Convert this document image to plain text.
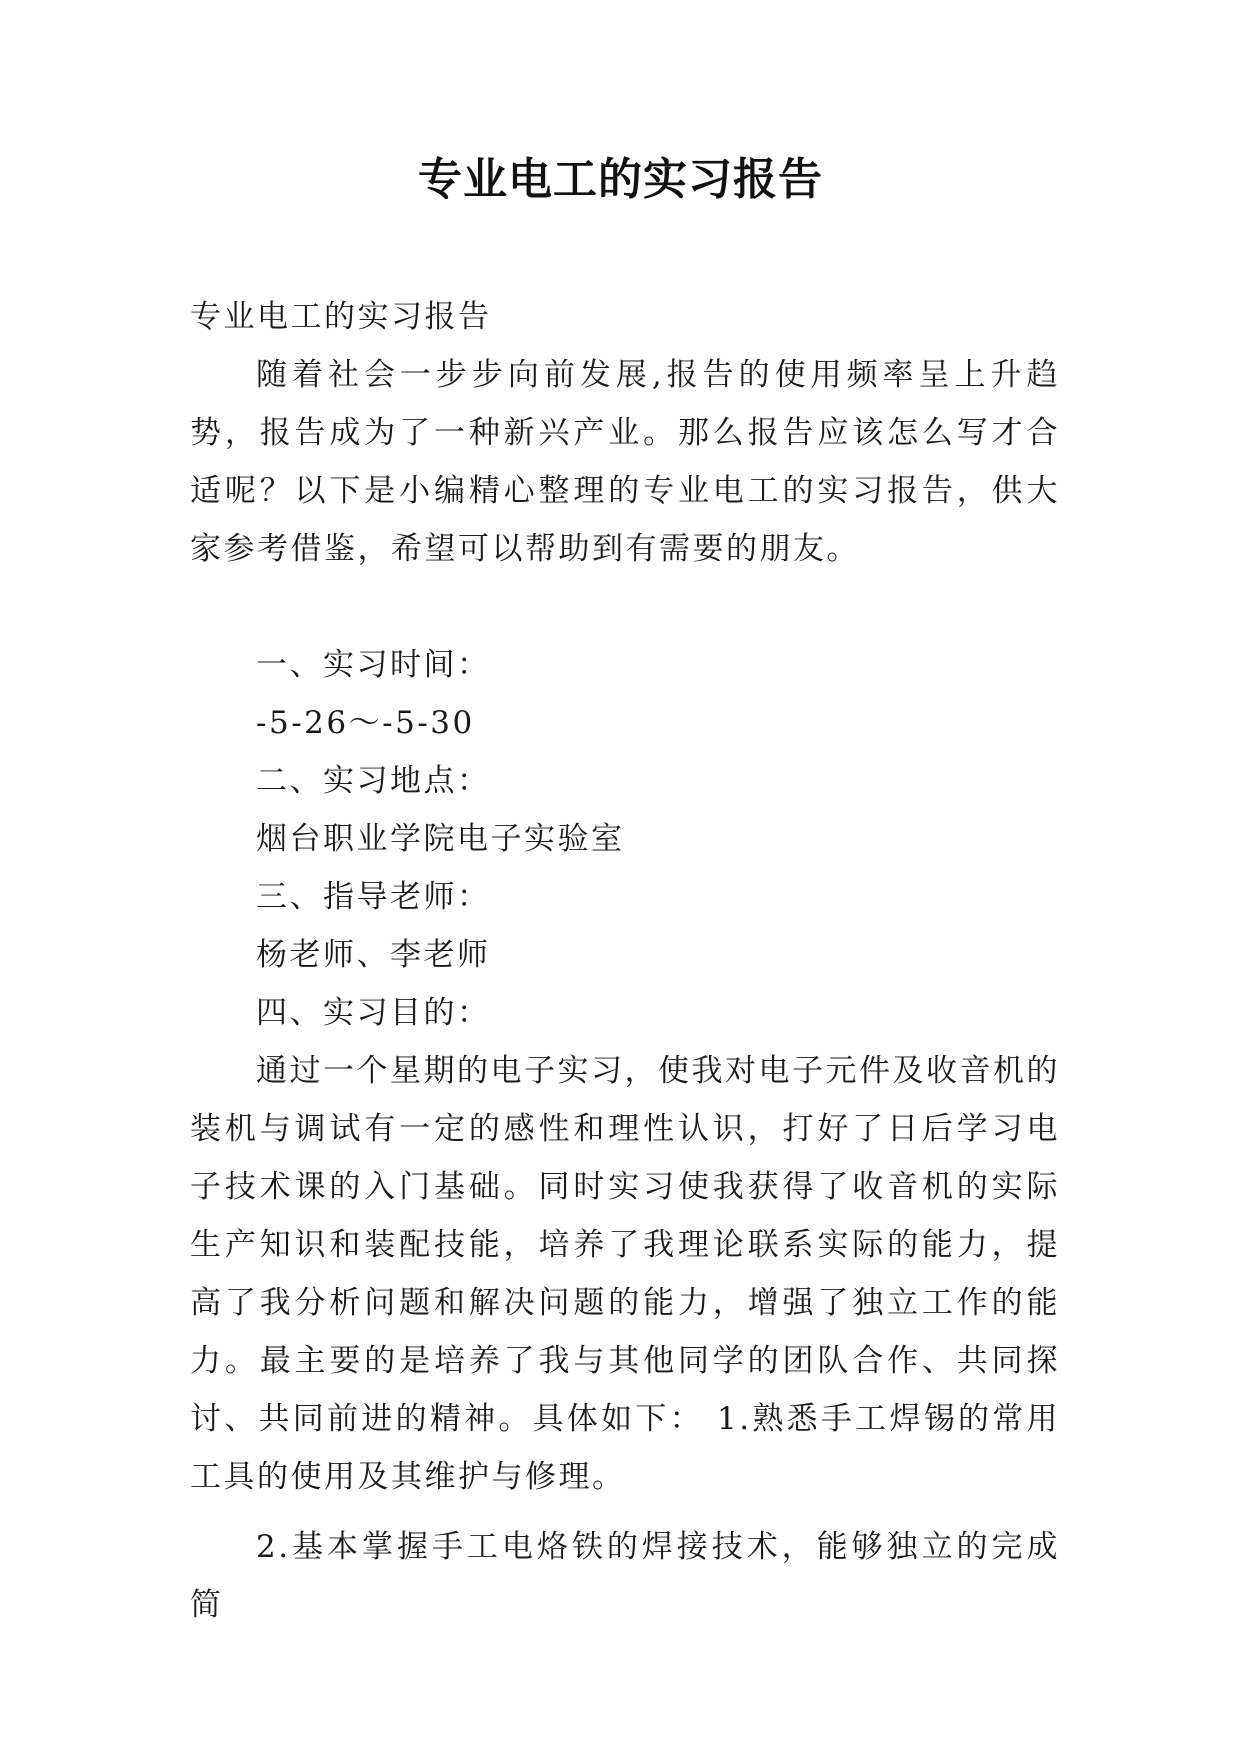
专业电工的实习报告

专业电工的实习报告

随着社会一步步向前发展,报告的使用频率呈上升趋势，报告成为了一种新兴产业。那么报告应该怎么写才合适呢？以下是小编精心整理的专业电工的实习报告，供大家参考借鉴，希望可以帮助到有需要的朋友。

一、实习时间：

-5-26～-5-30

二、实习地点：

烟台职业学院电子实验室

三、指导老师：

杨老师、李老师

四、实习目的：

通过一个星期的电子实习，使我对电子元件及收音机的装机与调试有一定的感性和理性认识，打好了日后学习电子技术课的入门基础。同时实习使我获得了收音机的实际生产知识和装配技能，培养了我理论联系实际的能力，提高了我分析问题和解决问题的能力，增强了独立工作的能力。最主要的是培养了我与其他同学的团队合作、共同探讨、共同前进的精神。具体如下： 1.熟悉手工焊锡的常用工具的使用及其维护与修理。

2.基本掌握手工电烙铁的焊接技术，能够独立的完成简
